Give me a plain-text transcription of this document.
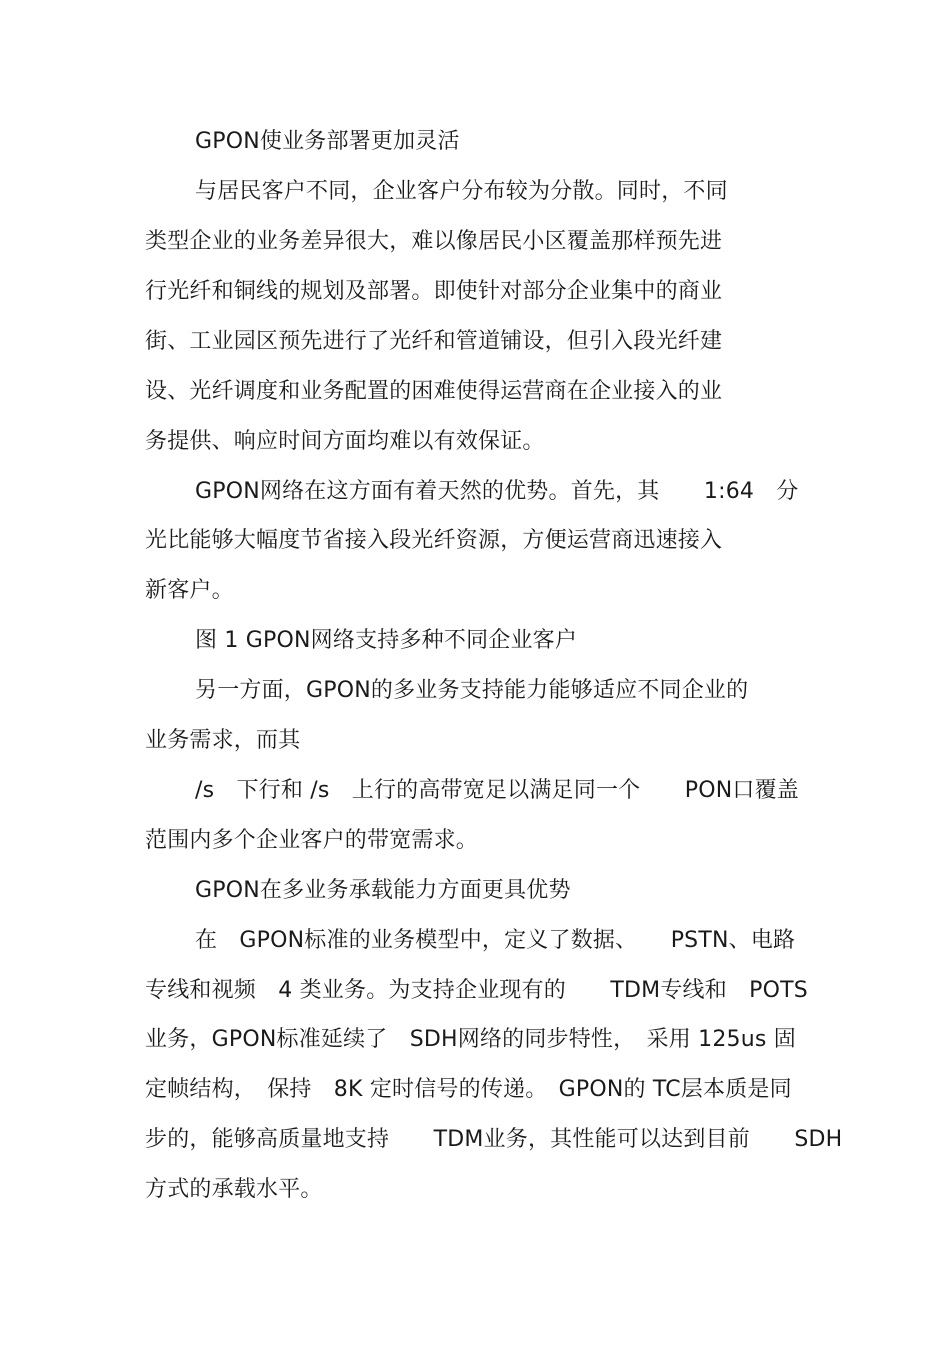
GPON使业务部署更加灵活
与居民客户不同，企业客户分布较为分散。同时，不同
类型企业的业务差异很大，难以像居民小区覆盖那样预先进
行光纤和铜线的规划及部署。即使针对部分企业集中的商业
街、工业园区预先进行了光纤和管道铺设，但引入段光纤建
设、光纤调度和业务配置的困难使得运营商在企业接入的业
务提供、响应时间方面均难以有效保证。
GPON网络在这方面有着天然的优势。首先，其　　1:64　分
光比能够大幅度节省接入段光纤资源，方便运营商迅速接入
新客户。
图 1 GPON网络支持多种不同企业客户
另一方面，GPON的多业务支持能力能够适应不同企业的
业务需求，而其
/s　下行和 /s　上行的高带宽足以满足同一个　　PON口覆盖
范围内多个企业客户的带宽需求。
GPON在多业务承载能力方面更具优势
在　GPON标准的业务模型中，定义了数据、　　PSTN、电路
专线和视频　4 类业务。为支持企业现有的　　TDM专线和　POTS
业务，GPON标准延续了　SDH网络的同步特性，　采用 125us 固
定帧结构，　保持　8K 定时信号的传递。　GPON的 TC层本质是同
步的，能够高质量地支持　　TDM业务，其性能可以达到目前　　SDH
方式的承载水平。
